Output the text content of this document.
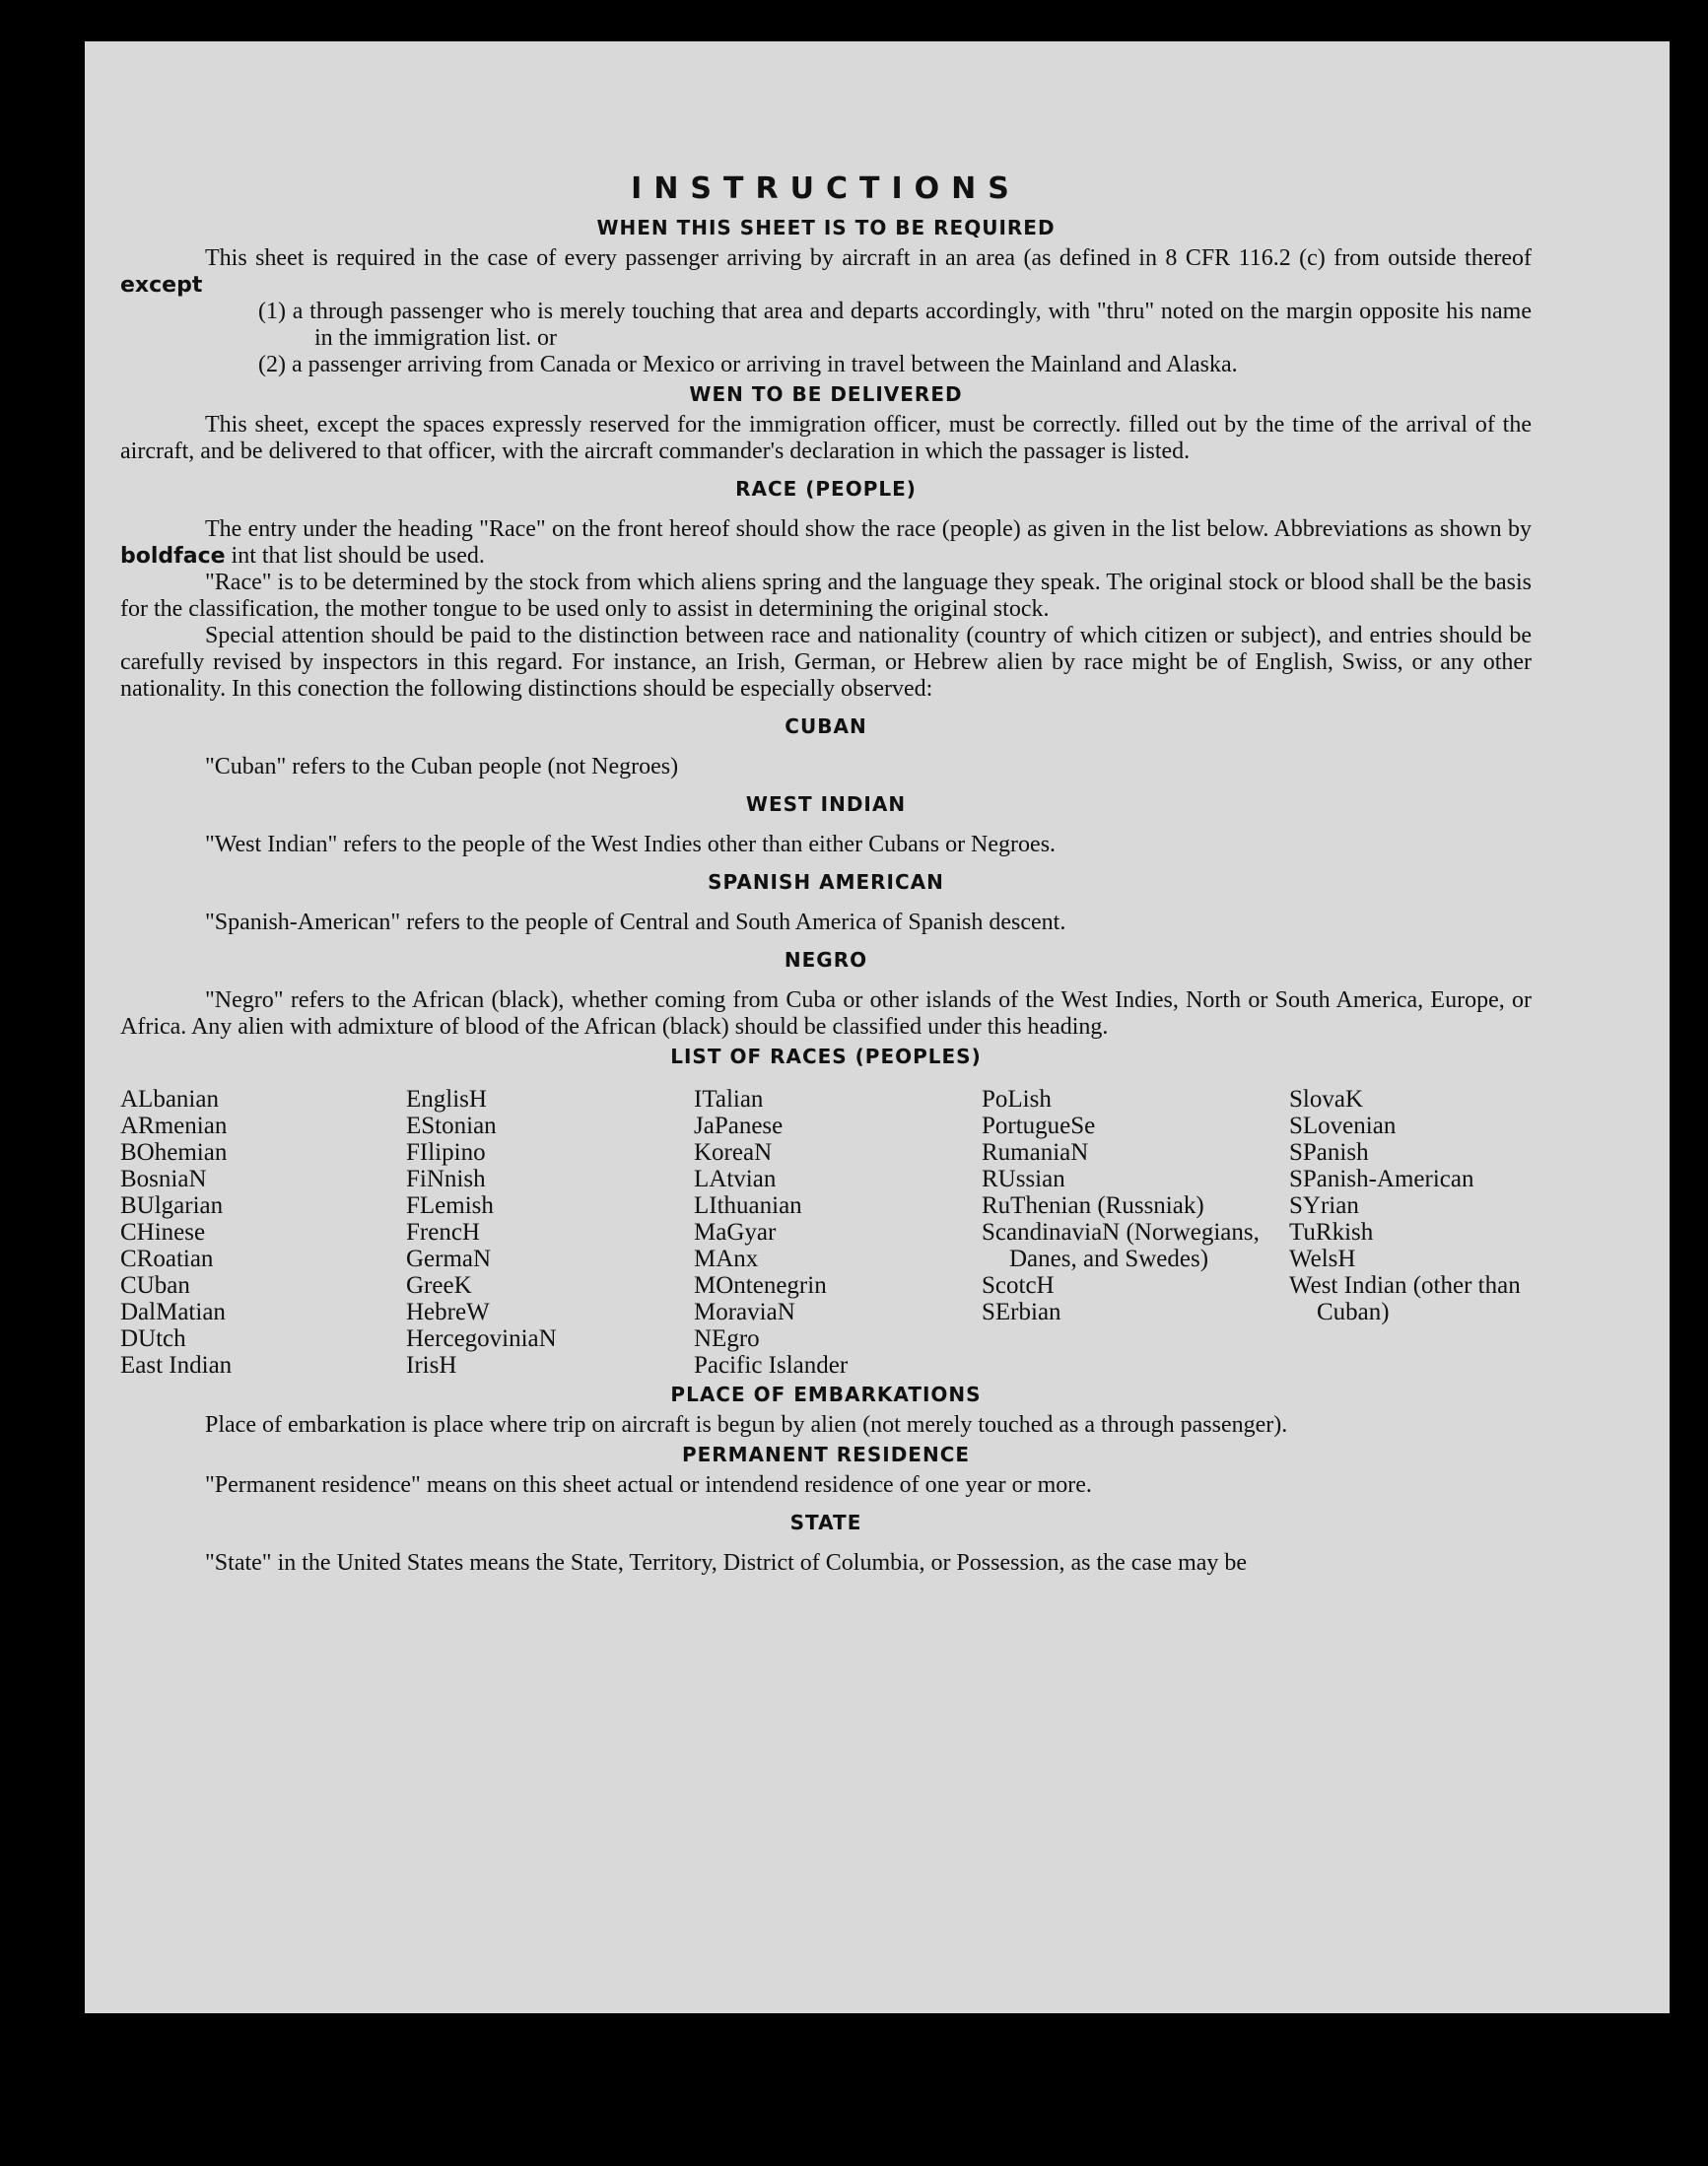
INSTRUCTIONS
WHEN THIS SHEET IS TO BE REQUIRED

This sheet is required in the case of every passenger arriving by aircraft in an area (as defined in 8 CFR 116.2 (c) from outside thereof except

(1) a through passenger who is merely touching that area and departs accordingly, with "thru" noted on the margin opposite his name in the immigration list. or
(2) a passenger arriving from Canada or Mexico or arriving in travel between the Mainland and Alaska.
WEN TO BE DELIVERED

This sheet, except the spaces expressly reserved for the immigration officer, must be correctly. filled out by the time of the arrival of the aircraft, and be delivered to that officer, with the aircraft commander's declaration in which the passager is listed.

RACE (PEOPLE)

The entry under the heading "Race" on the front hereof should show the race (people) as given in the list below. Abbreviations as shown by boldface int that list should be used.

"Race" is to be determined by the stock from which aliens spring and the language they speak. The original stock or blood shall be the basis for the classification, the mother tongue to be used only to assist in determining the original stock.

Special attention should be paid to the distinction between race and nationality (country of which citizen or subject), and entries should be carefully revised by inspectors in this regard. For instance, an Irish, German, or Hebrew alien by race might be of English, Swiss, or any other nationality. In this conection the following distinctions should be especially observed:

CUBAN

"Cuban" refers to the Cuban people (not Negroes)

WEST INDIAN

"West Indian" refers to the people of the West Indies other than either Cubans or Negroes.

SPANISH AMERICAN

"Spanish-American" refers to the people of Central and South America of Spanish descent.

NEGRO

"Negro" refers to the African (black), whether coming from Cuba or other islands of the West Indies, North or South America, Europe, or Africa. Any alien with admixture of blood of the African (black) should be classified under this heading.

LIST OF RACES (PEOPLES)
ALbanian
ARmenian
BOhemian
BosniaN
BUlgarian
CHinese
CRoatian
CUban
DalMatian
DUtch
East Indian
EnglisH
EStonian
FIlipino
FiNnish
FLemish
FrencH
GermaN
GreeK
HebreW
HercegoviniaN
IrisH
ITalian
JaPanese
KoreaN
LAtvian
LIthuanian
MaGyar
MAnx
MOntenegrin
MoraviaN
NEgro
Pacific Islander
PoLish
PortugueSe
RumaniaN
RUssian
RuThenian (Russniak)
ScandinaviaN (Norwegians, Danes, and Swedes)
ScotcH
SErbian
SlovaK
SLovenian
SPanish
SPanish-American
SYrian
TuRkish
WelsH
West Indian (other than Cuban)
PLACE OF EMBARKATIONS

Place of embarkation is place where trip on aircraft is begun by alien (not merely touched as a through passenger).

PERMANENT RESIDENCE

"Permanent residence" means on this sheet actual or intendend residence of one year or more.

STATE

"State" in the United States means the State, Territory, District of Columbia, or Possession, as the case may be
